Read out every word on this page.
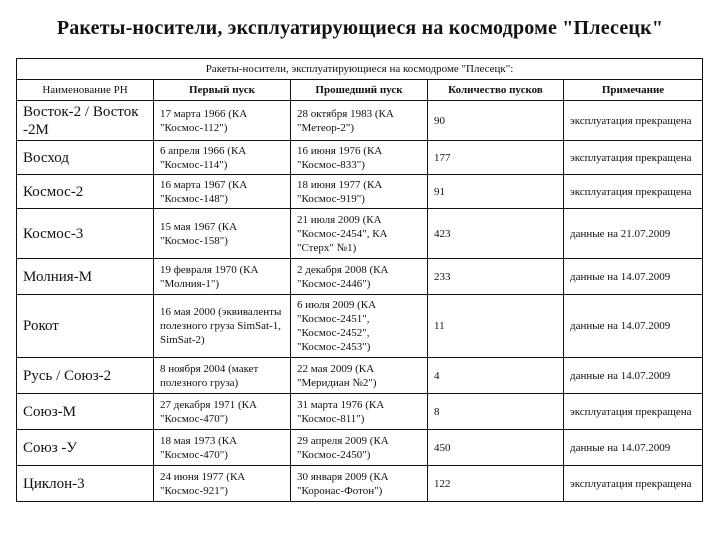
Ракеты-носители, эксплуатирующиеся на космодроме "Плесецк"
Ракеты-носители, эксплуатирующиеся на космодроме "Плесецк":				
Наименование РН	Первый пуск	Прошедший пуск	Количество пусков	Примечание
Восток-2 / Восток -2М	17 марта 1966 (КА "Космос-112")	28 октября 1983 (КА "Метеор-2")	90	эксплуатация прекращена
Восход	6 апреля 1966 (КА "Космос-114")	16 июня 1976 (КА "Космос-833")	177	эксплуатация прекращена
Космос-2	16 марта 1967 (КА "Космос-148")	18 июня 1977 (КА "Космос-919")	91	эксплуатация прекращена
Космос-3	15 мая 1967 (КА "Космос-158")	21 июля 2009 (КА "Космос-2454", КА "Стерх" №1)	423	данные на 21.07.2009
Молния-М	19 февраля 1970 (КА "Молния-1")	2 декабря 2008 (КА "Космос-2446")	233	данные на 14.07.2009
Рокот	16 мая 2000 (эквиваленты полезного груза SimSat-1, SimSat-2)	6 июля 2009 (КА "Космос-2451", "Космос-2452", "Космос-2453")	11	данные на 14.07.2009
Русь / Союз-2	8 ноября 2004 (макет полезного груза)	22 мая 2009 (КА "Меридиан №2")	4	данные на 14.07.2009
Союз-М	27 декабря 1971 (КА "Космос-470")	31 марта 1976 (КА "Космос-811")	8	эксплуатация прекращена
Союз -У	18 мая 1973 (КА "Космос-470")	29 апреля 2009 (КА "Космос-2450")	450	данные на 14.07.2009
Циклон-3	24 июня 1977 (КА "Космос-921")	30 января 2009 (КА "Коронас-Фотон")	122	эксплуатация прекращена
